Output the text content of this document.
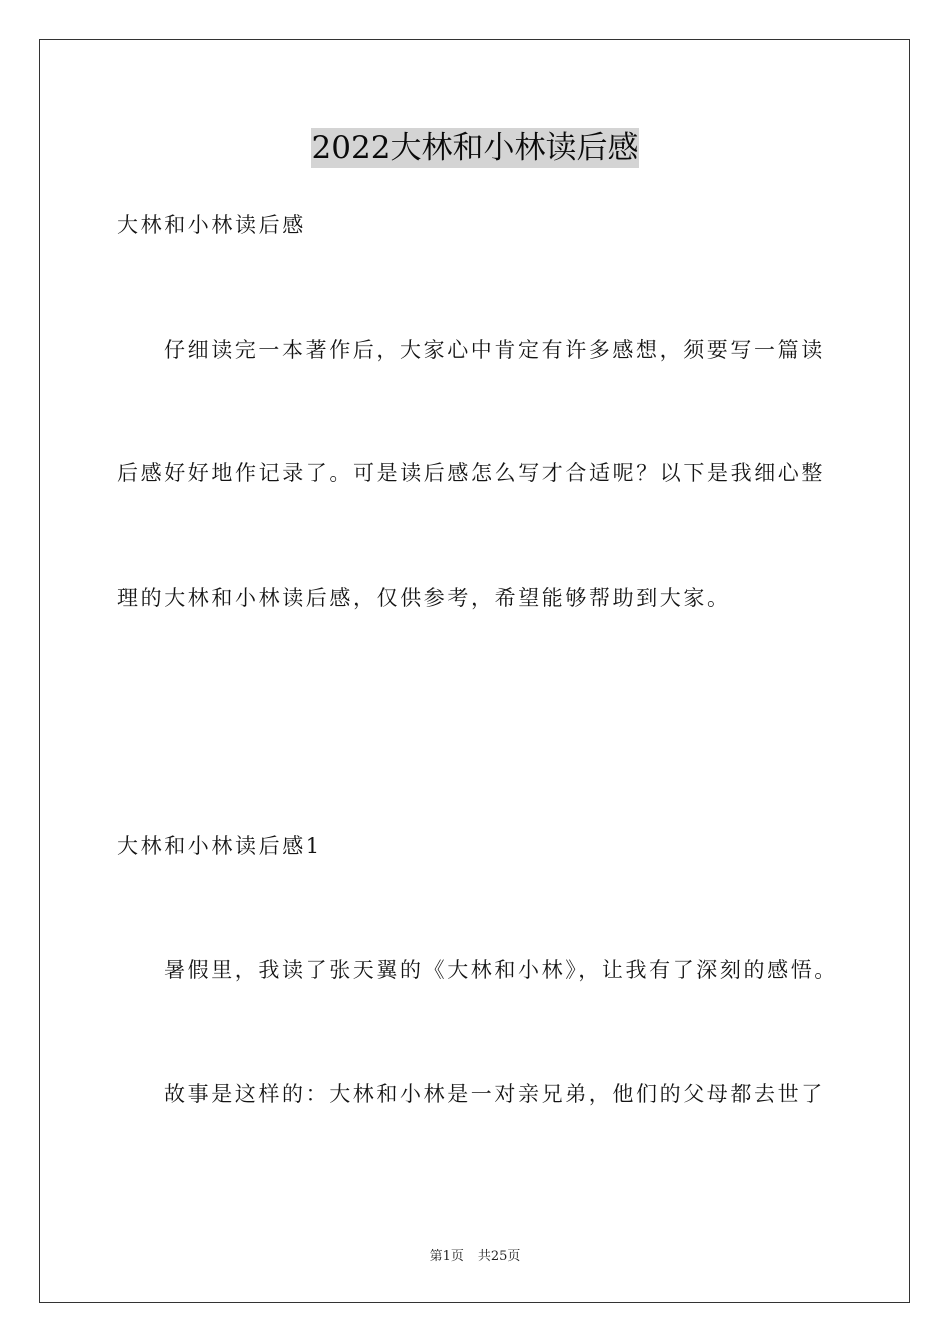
2022大林和小林读后感
大林和小林读后感
仔细读完一本著作后，大家心中肯定有许多感想，须要写一篇读
后感好好地作记录了。可是读后感怎么写才合适呢？以下是我细心整
理的大林和小林读后感，仅供参考，希望能够帮助到大家。
大林和小林读后感1
暑假里，我读了张天翼的《大林和小林》，让我有了深刻的感悟。
故事是这样的：大林和小林是一对亲兄弟，他们的父母都去世了
第1页 共25页
